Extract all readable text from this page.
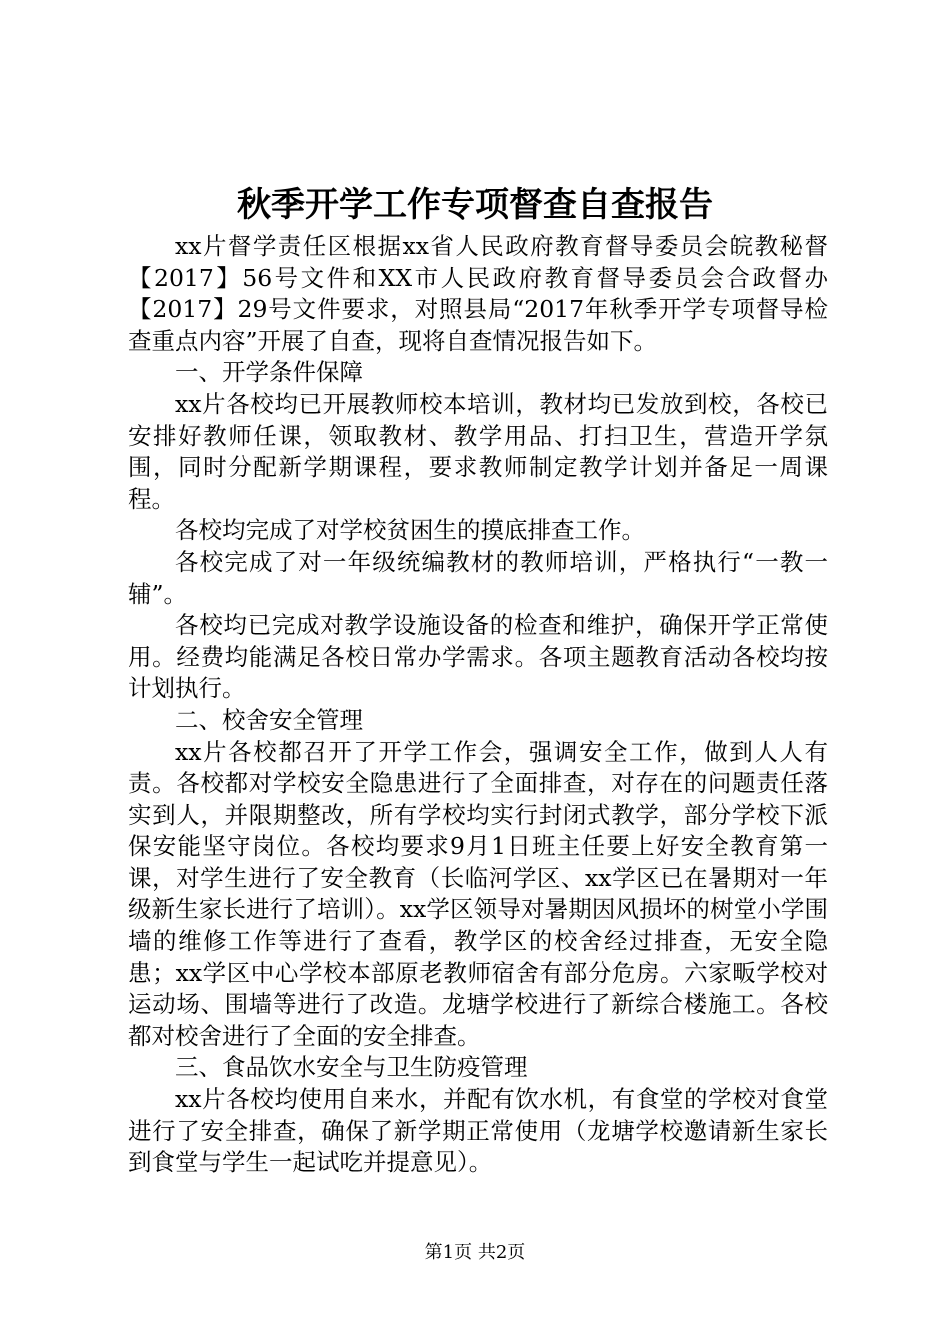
秋季开学工作专项督查自查报告

xx片督学责任区根据xx省人民政府教育督导委员会皖教秘督【2017】56号文件和XX市人民政府教育督导委员会合政督办【2017】29号文件要求，对照县局“2017年秋季开学专项督导检查重点内容”开展了自查，现将自查情况报告如下。

一、开学条件保障

xx片各校均已开展教师校本培训，教材均已发放到校，各校已安排好教师任课，领取教材、教学用品、打扫卫生，营造开学氛围，同时分配新学期课程，要求教师制定教学计划并备足一周课程。

各校均完成了对学校贫困生的摸底排查工作。

各校完成了对一年级统编教材的教师培训，严格执行“一教一辅”。

各校均已完成对教学设施设备的检查和维护，确保开学正常使用。经费均能满足各校日常办学需求。各项主题教育活动各校均按计划执行。

二、校舍安全管理

xx片各校都召开了开学工作会，强调安全工作，做到人人有责。各校都对学校安全隐患进行了全面排查，对存在的问题责任落实到人，并限期整改，所有学校均实行封闭式教学，部分学校下派保安能坚守岗位。各校均要求9月1日班主任要上好安全教育第一课，对学生进行了安全教育（长临河学区、xx学区已在暑期对一年级新生家长进行了培训）。xx学区领导对暑期因风损坏的树堂小学围墙的维修工作等进行了查看，教学区的校舍经过排查，无安全隐患；xx学区中心学校本部原老教师宿舍有部分危房。六家畈学校对运动场、围墙等进行了改造。龙塘学校进行了新综合楼施工。各校都对校舍进行了全面的安全排查。

三、食品饮水安全与卫生防疫管理

xx片各校均使用自来水，并配有饮水机，有食堂的学校对食堂进行了安全排查，确保了新学期正常使用（龙塘学校邀请新生家长到食堂与学生一起试吃并提意见）。

第1页 共2页
